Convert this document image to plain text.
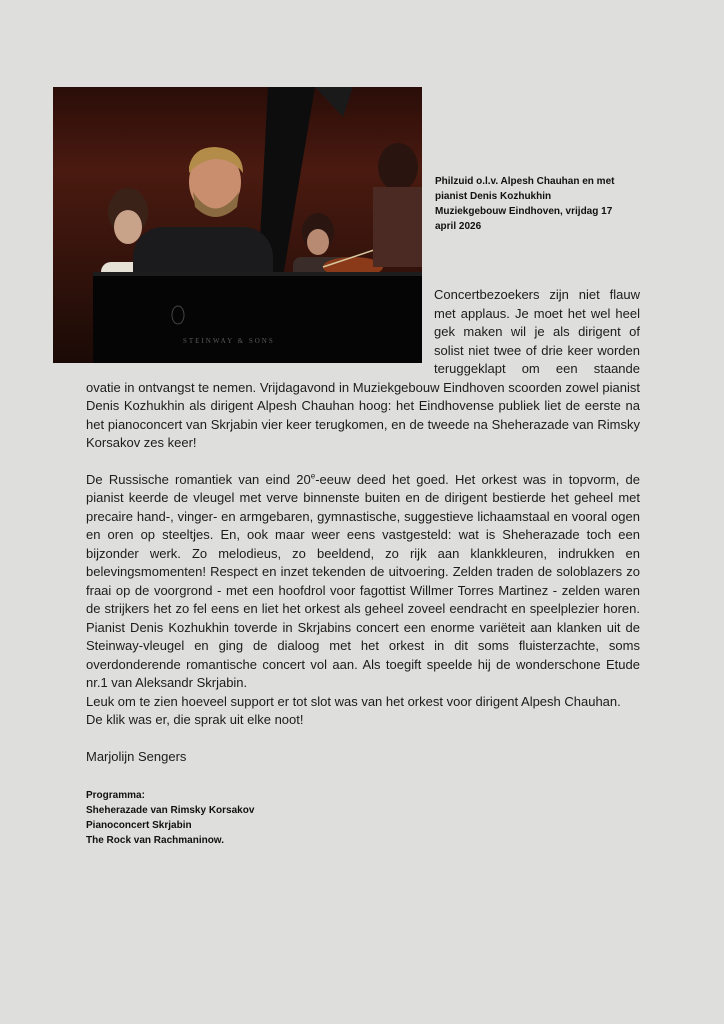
STEINWAY & SONS
Philzuid o.l.v. Alpesh Chauhan en met
pianist Denis Kozhukhin
Muziekgebouw Eindhoven, vrijdag 17
april 2026

Concertbezoekers zijn niet flauw met applaus. Je moet het wel heel gek maken wil je als dirigent of solist niet twee of drie keer worden teruggeklapt om een staande ovatie in ontvangst te nemen. Vrijdagavond in Muziekgebouw Eindhoven scoorden zowel pianist Denis Kozhukhin als dirigent Alpesh Chauhan hoog: het Eindhovense publiek liet de eerste na het pianoconcert van Skrjabin vier keer terugkomen, en de tweede na Sheherazade van Rimsky Korsakov zes keer!

De Russische romantiek van eind 20e-eeuw deed het goed. Het orkest was in topvorm, de pianist keerde de vleugel met verve binnenste buiten en de dirigent bestierde het geheel met precaire hand-, vinger- en armgebaren, gymnastische, suggestieve lichaamstaal en vooral ogen en oren op steeltjes. En, ook maar weer eens vastgesteld: wat is Sheherazade toch een bijzonder werk. Zo melodieus, zo beeldend, zo rijk aan klankkleuren, indrukken en belevingsmomenten! Respect en inzet tekenden de uitvoering. Zelden traden de soloblazers zo fraai op de voorgrond - met een hoofdrol voor fagottist Willmer Torres Martinez - zelden waren de strijkers het zo fel eens en liet het orkest als geheel zoveel eendracht en speelplezier horen. Pianist Denis Kozhukhin toverde in Skrjabins concert een enorme variëteit aan klanken uit de Steinway-vleugel en ging de dialoog met het orkest in dit soms fluisterzachte, soms overdonderende romantische concert vol aan. Als toegift speelde hij de wonderschone Etude nr.1 van Aleksandr Skrjabin.

Leuk om te zien hoeveel support er tot slot was van het orkest voor dirigent Alpesh Chauhan. De klik was er, die sprak uit elke noot!

Marjolijn Sengers
Programma:
Sheherazade van Rimsky Korsakov
Pianoconcert Skrjabin
The Rock van Rachmaninow.
